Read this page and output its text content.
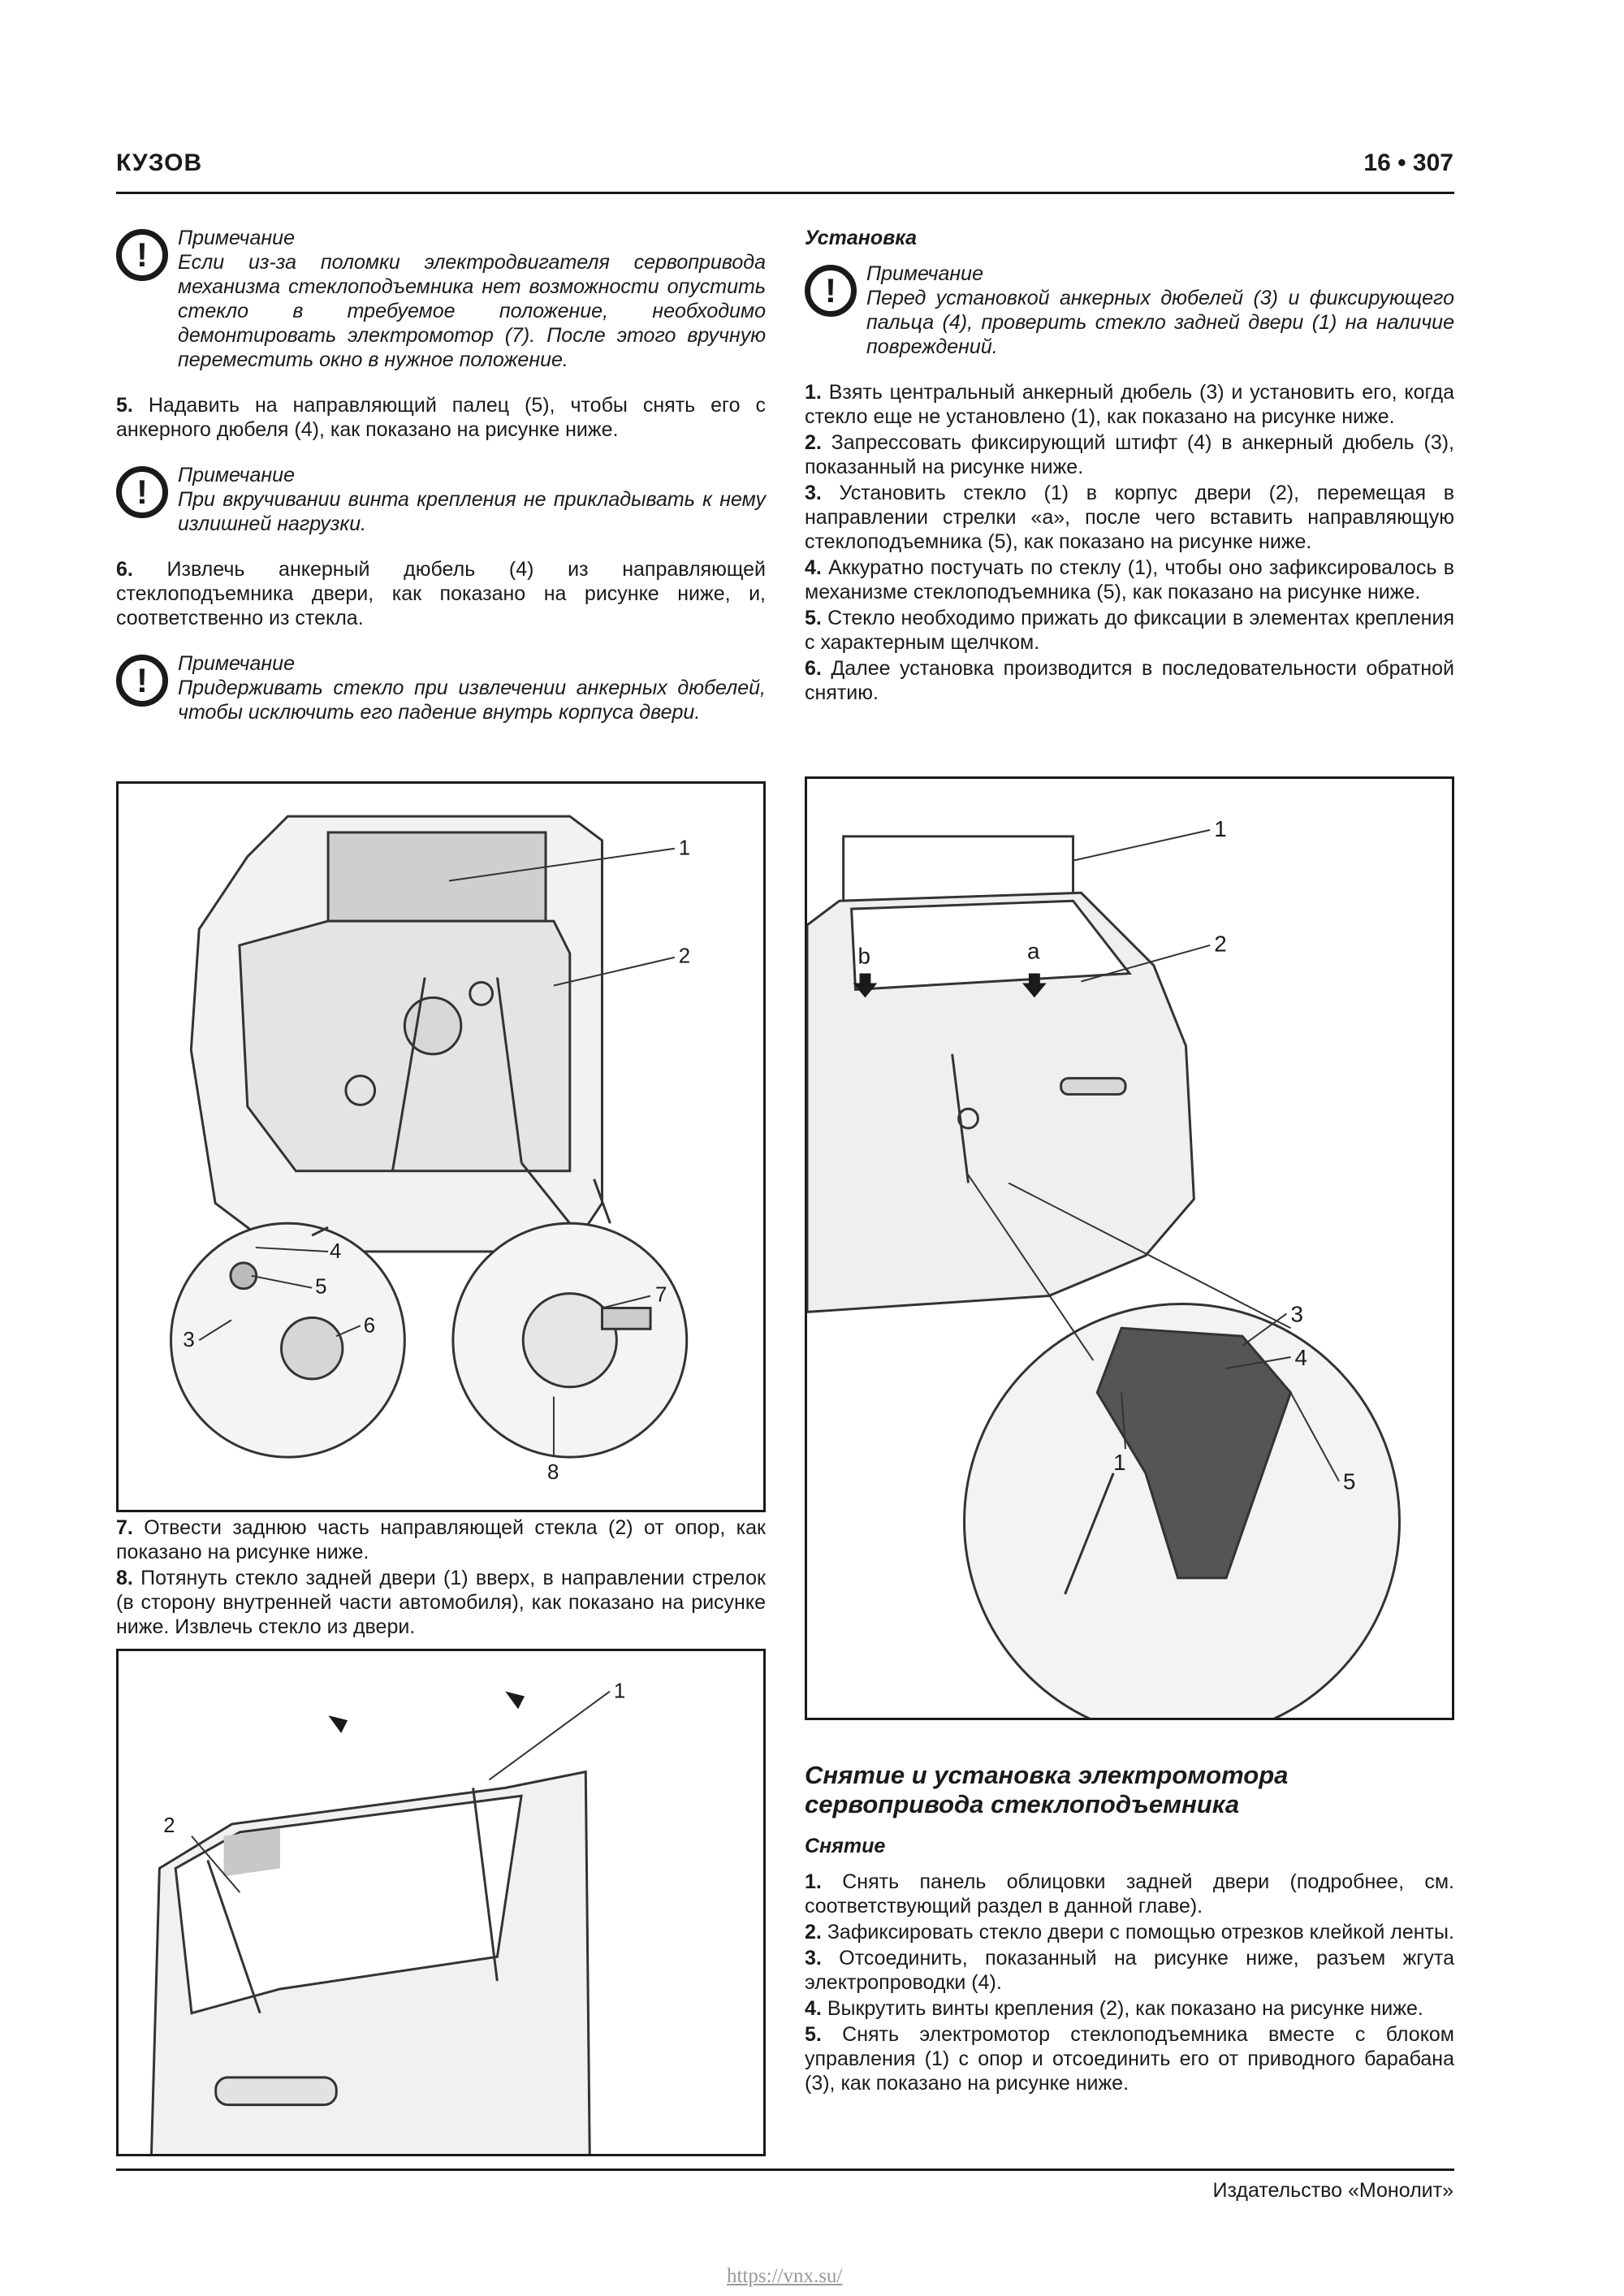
КУЗОВ	16 • 307
!	Примечание
Если из-за поломки электродвигателя сервопривода механизма стеклоподъемника нет возможности опустить стекло в требуемое положение, необходимо демонтировать электромотор (7). После этого вручную переместить окно в нужное положение.

5. Надавить на направляющий палец (5), чтобы снять его с анкерного дюбеля (4), как показано на рисунке ниже.

!	Примечание
При вкручивании винта крепления не прикладывать к нему излишней нагрузки.

6. Извлечь анкерный дюбель (4) из направляющей стеклоподъемника двери, как показано на рисунке ниже, и, соответственно из стекла.

!	Примечание
Придерживать стекло при извлечении анкерных дюбелей, чтобы исключить его падение внутрь корпуса двери.
1
2
4
5
3
6
7
8

7. Отвести заднюю часть направляющей стекла (2) от опор, как показано на рисунке ниже.

8. Потянуть стекло задней двери (1) вверх, в направлении стрелок (в сторону внутренней части автомобиля), как показано на рисунке ниже. Извлечь стекло из двери.

1
2
Установка
!	Примечание
Перед установкой анкерных дюбелей (3) и фиксирующего пальца (4), проверить стекло задней двери (1) на наличие повреждений.

1. Взять центральный анкерный дюбель (3) и установить его, когда стекло еще не установлено (1), как показано на рисунке ниже.

2. Запрессовать фиксирующий штифт (4) в анкерный дюбель (3), показанный на рисунке ниже.

3. Установить стекло (1) в корпус двери (2), перемещая в направлении стрелки «a», после чего вставить направляющую стеклоподъемника (5), как показано на рисунке ниже.

4. Аккуратно постучать по стеклу (1), чтобы оно зафиксировалось в механизме стеклоподъемника (5), как показано на рисунке ниже.

5. Стекло необходимо прижать до фиксации в элементах крепления с характерным щелчком.

6. Далее установка производится в последовательности обратной снятию.

1
2
b	a
3
4
1
5
Снятие и установка электромотора сервопривода стеклоподъемника
Снятие

1. Снять панель облицовки задней двери (подробнее, см. соответствующий раздел в данной главе).

2. Зафиксировать стекло двери с помощью отрезков клейкой ленты.

3. Отсоединить, показанный на рисунке ниже, разъем жгута электропроводки (4).

4. Выкрутить винты крепления (2), как показано на рисунке ниже.

5. Снять электромотор стеклоподъемника вместе с блоком управления (1) с опор и отсоединить его от приводного барабана (3), как показано на рисунке ниже.

Издательство «Монолит»
https://vnx.su/
